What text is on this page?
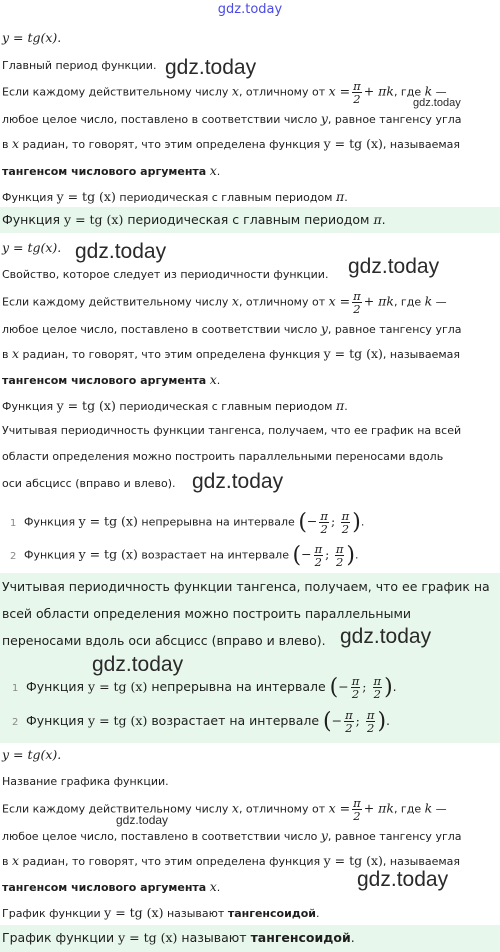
gdz.today
y = tg(x).
Главный период функции. gdz.today
Если каждому действительному числу x, отличному от $x = \frac{\pi}{2} + \pi k$, где k —
gdz.today
любое целое число, поставлено в соответствии число y, равное тангенсу угла
в x радиан, то говорят, что этим определена функция y = tg (x), называемая
тангенсом числового аргумента x.
Функция y = tg (x) периодическая с главным периодом π.
Функция y = tg (x) периодическая с главным периодом π.
y = tg(x). gdz.today
Свойство, которое следует из периодичности функции. gdz.today
Если каждому действительному числу x, отличному от $x = \frac{\pi}{2} + \pi k$, где k —
любое целое число, поставлено в соответствии число y, равное тангенсу угла
в x радиан, то говорят, что этим определена функция y = tg (x), называемая
тангенсом числового аргумента x.
Функция y = tg (x) периодическая с главным периодом π.
Учитывая периодичность функции тангенса, получаем, что ее график на всей
области определения можно построить параллельными переносами вдоль
оси абсцисс (вправо и влево). gdz.today
1 Функция y = tg (x) непрерывна на интервале (− $\frac{\pi}{2}$ ; $\frac{\pi}{2}$ ).
2 Функция y = tg (x) возрастает на интервале (− $\frac{\pi}{2}$ ; $\frac{\pi}{2}$ ).
Учитывая периодичность функции тангенса, получаем, что ее график на
всей области определения можно построить параллельными
переносами вдоль оси абсцисс (вправо и влево).
1 Функция y = tg (x) непрерывна на интервале (− $\frac{\pi}{2}$ ; $\frac{\pi}{2}$ ).
2 Функция y = tg (x) возрастает на интервале (− $\frac{\pi}{2}$ ; $\frac{\pi}{2}$ ).
gdz.today
gdz.today
y = tg(x).
Название графика функции.
Если каждому действительному числу x, отличному от $x = \frac{\pi}{2} + \pi k$, где k —
gdz.today
любое целое число, поставлено в соответствии число y, равное тангенсу угла
в x радиан, то говорят, что этим определена функция y = tg (x), называемая
тангенсом числового аргумента x.	gdz.today
График функции y = tg (x) называют тангенсоидой.
График функции y = tg (x) называют тангенсоидой.
